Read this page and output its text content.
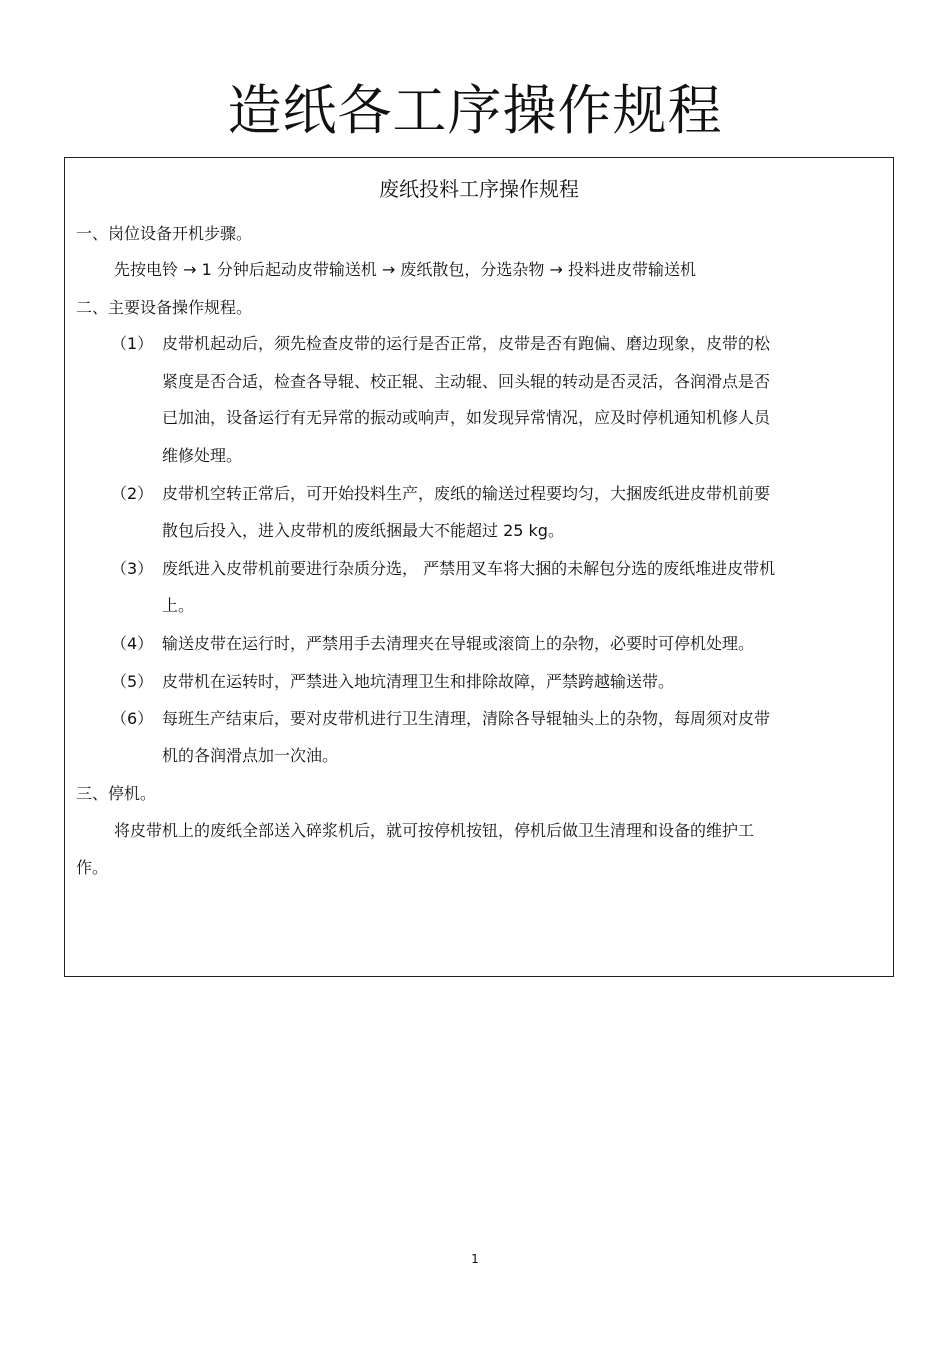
造纸各工序操作规程
废纸投料工序操作规程
一、岗位设备开机步骤。
先按电铃 → 1 分钟后起动皮带输送机 → 废纸散包，分选杂物 → 投料进皮带输送机
二、主要设备操作规程。
（1） 皮带机起动后，须先检查皮带的运行是否正常，皮带是否有跑偏、磨边现象，皮带的松
紧度是否合适，检查各导辊、校正辊、主动辊、回头辊的转动是否灵活，各润滑点是否
已加油，设备运行有无异常的振动或响声，如发现异常情况，应及时停机通知机修人员
维修处理。
（2） 皮带机空转正常后，可开始投料生产，废纸的输送过程要均匀，大捆废纸进皮带机前要
散包后投入，进入皮带机的废纸捆最大不能超过 25 kg。
（3） 废纸进入皮带机前要进行杂质分选， 严禁用叉车将大捆的未解包分选的废纸堆进皮带机
上。
（4） 输送皮带在运行时，严禁用手去清理夹在导辊或滚筒上的杂物，必要时可停机处理。
（5） 皮带机在运转时，严禁进入地坑清理卫生和排除故障，严禁跨越输送带。
（6） 每班生产结束后，要对皮带机进行卫生清理，清除各导辊轴头上的杂物，每周须对皮带
机的各润滑点加一次油。
三、停机。
将皮带机上的废纸全部送入碎浆机后，就可按停机按钮，停机后做卫生清理和设备的维护工
作。
1
